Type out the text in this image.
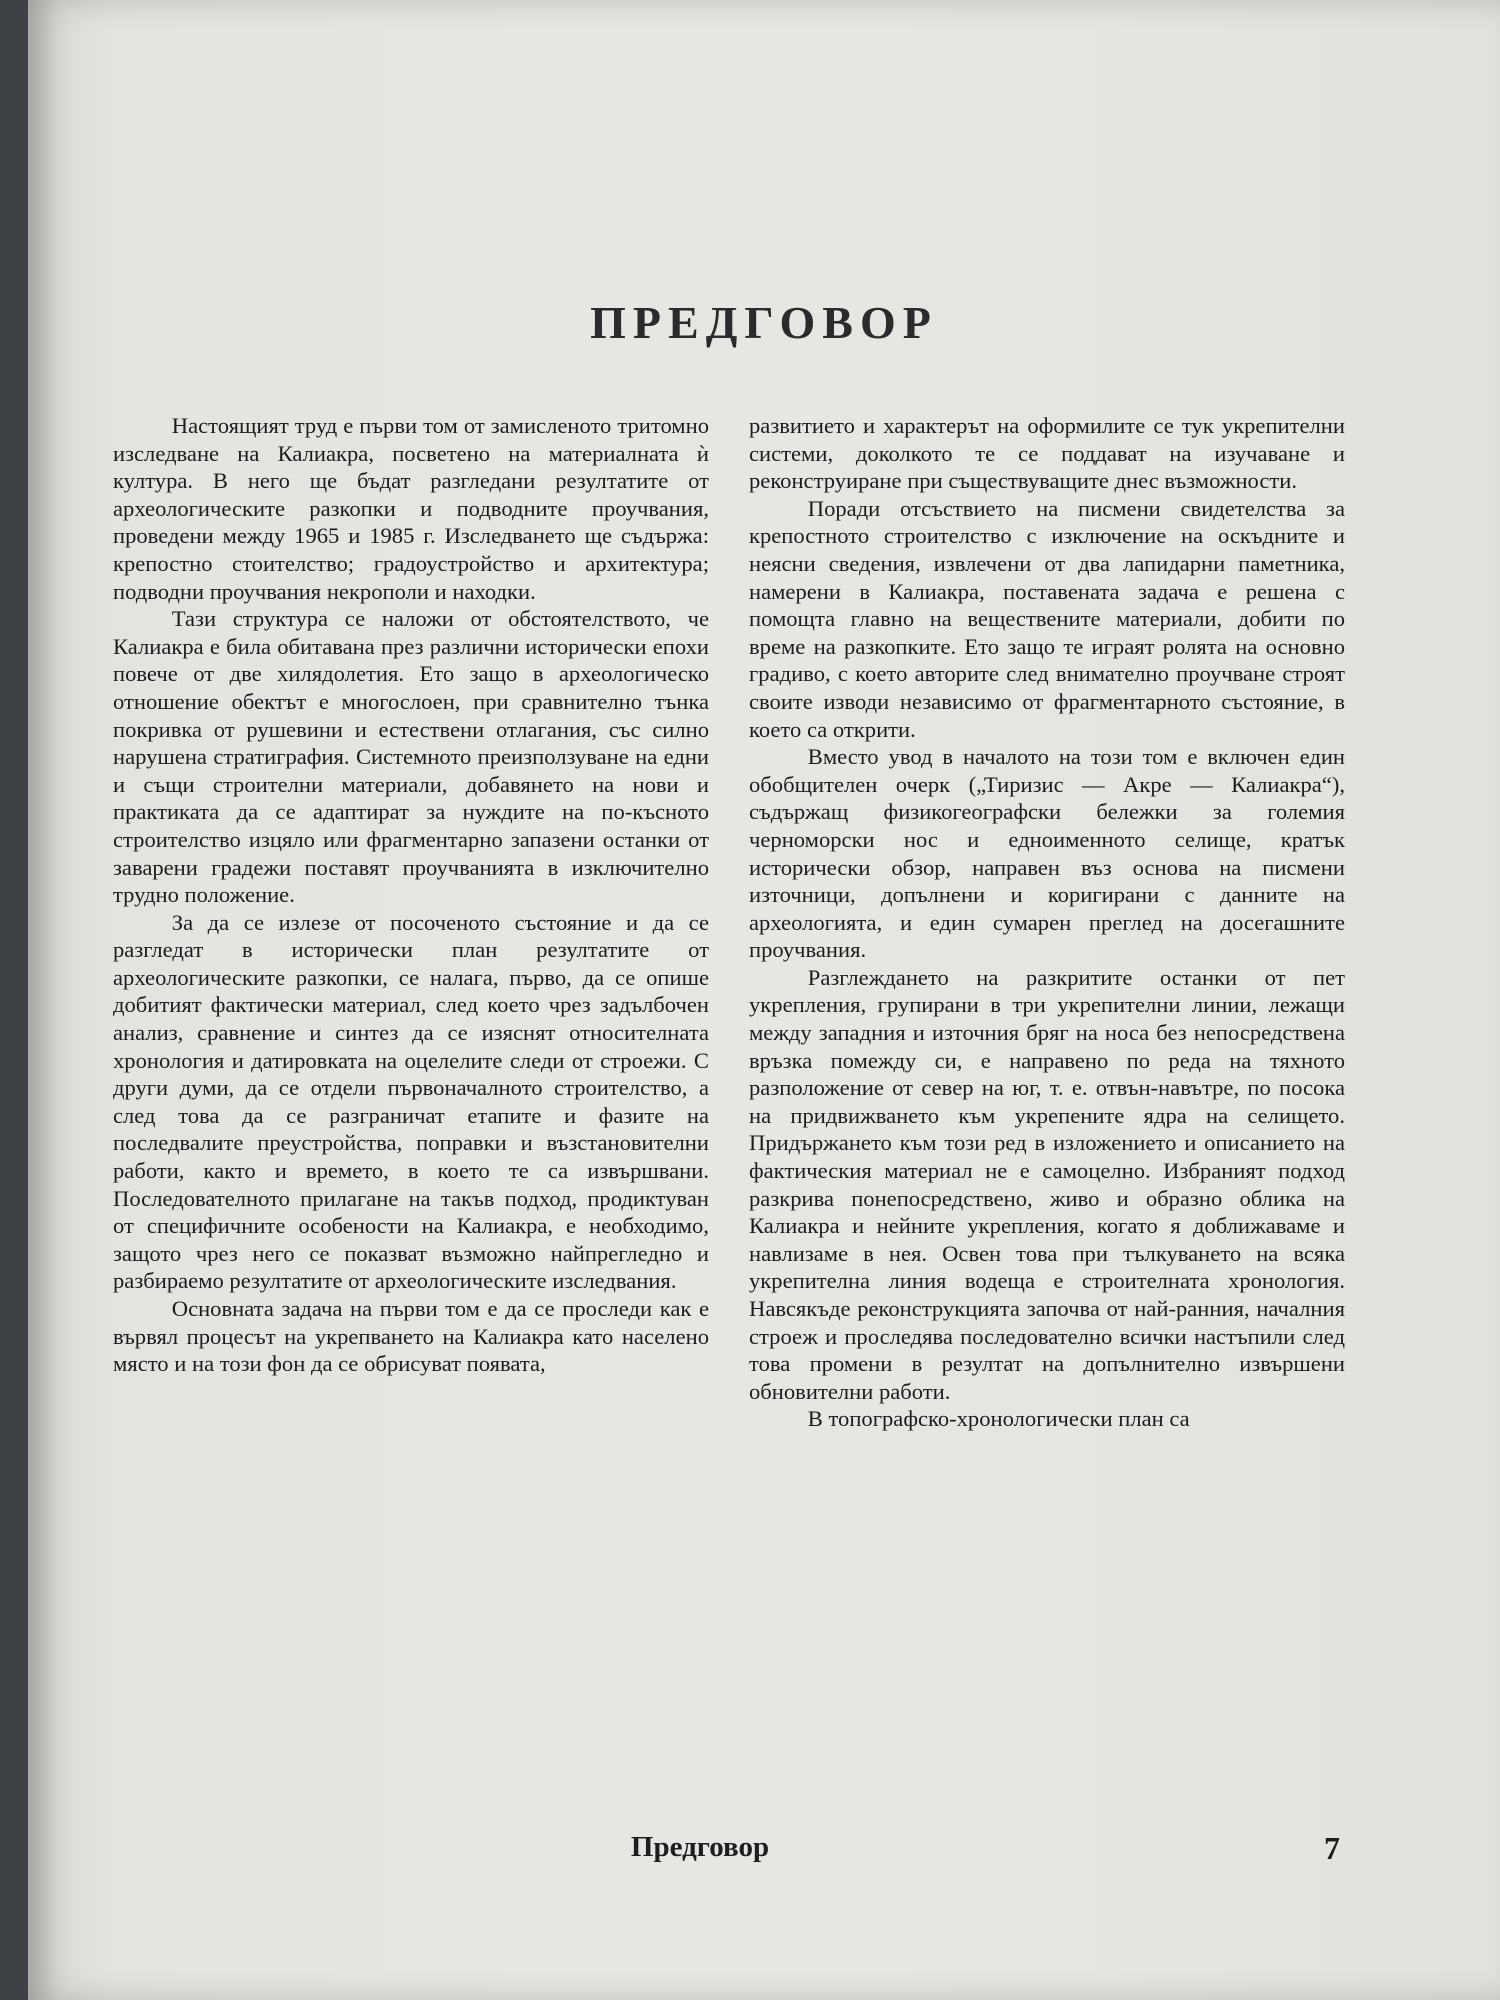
ПРЕДГОВОР

Настоящият труд е първи том от замисленото тритомно изследване на Калиакра, посветено на материалната ѝ култура. В него ще бъдат разгледани резултатите от археологическите разкопки и подводните проучвания, проведени между 1965 и 1985 г. Изследването ще съдържа: крепостно стоителство; градоустройство и архитектура; подводни проучвания некрополи и находки.

Тази структура се наложи от обстоятелството, че Калиакра е била обитавана през различни исторически епохи повече от две хилядолетия. Ето защо в археологическо отношение обектът е многослоен, при сравнително тънка покривка от рушевини и естествени отлагания, със силно нарушена стратиграфия. Системното преизползуване на едни и същи строителни материали, добавянето на нови и практиката да се адаптират за нуждите на по-късното строителство изцяло или фрагментарно запазени останки от заварени градежи поставят проучванията в изключително трудно положение.

За да се излезе от посоченото състояние и да се разгледат в исторически план резултатите от археологическите разкопки, се налага, първо, да се опише добитият фактически материал, след което чрез задълбочен анализ, сравнение и синтез да се изяснят относителната хронология и датировката на оцелелите следи от строежи. С други думи, да се отдели първоначалното строителство, а след това да се разграничат етапите и фазите на последвалите преустройства, поправки и възстановителни работи, както и времето, в което те са извършвани. Последователното прилагане на такъв подход, продиктуван от специфичните особености на Калиакра, е необходимо, защото чрез него се показват възможно найпрегледно и разбираемо резултатите от археологическите изследвания.

Основната задача на първи том е да се проследи как е вървял процесът на укрепването на Калиакра като населено място и на този фон да се обрисуват появата,

развитието и характерът на оформилите се тук укрепителни системи, доколкото те се поддават на изучаване и реконструиране при съществуващите днес възможности.

Поради отсъствието на писмени свидетелства за крепостното строителство с изключение на оскъдните и неясни сведения, извлечени от два лапидарни паметника, намерени в Калиакра, поставената задача е решена с помощта главно на веществените материали, добити по време на разкопките. Ето защо те играят ролята на основно градиво, с което авторите след внимателно проучване строят своите изводи независимо от фрагментарното състояние, в което са открити.

Вместо увод в началото на този том е включен един обобщителен очерк („Тиризис — Акре — Калиакра“), съдържащ физикогеографски бележки за големия черноморски нос и едноименното селище, кратък исторически обзор, направен въз основа на писмени източници, допълнени и коригирани с данните на археологията, и един сумарен преглед на досегашните проучвания.

Разглеждането на разкритите останки от пет укрепления, групирани в три укрепителни линии, лежащи между западния и източния бряг на носа без непосредствена връзка помежду си, е направено по реда на тяхното разположение от север на юг, т. е. отвън-навътре, по посока на придвижването към укрепените ядра на селището. Придържането към този ред в изложението и описанието на фактическия материал не е самоцелно. Избраният подход разкрива понепосредствено, живо и образно облика на Калиакра и нейните укрепления, когато я доближаваме и навлизаме в нея. Освен това при тълкуването на всяка укрепителна линия водеща е строителната хронология. Навсякъде реконструкцията започва от най-ранния, началния строеж и проследява последователно всички настъпили след това промени в резултат на допълнително извършени обновителни работи.

В топографско-хронологически план са

Предговор	7
